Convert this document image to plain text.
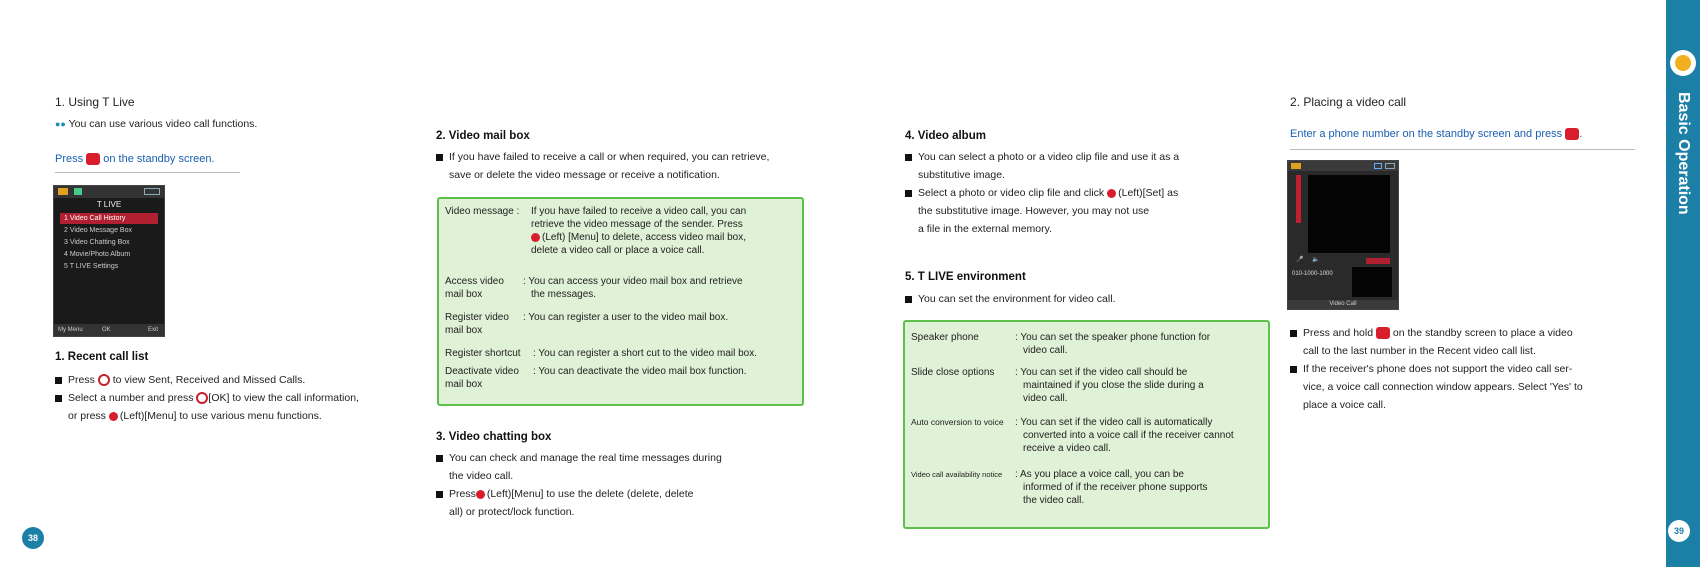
1. Using T Live
●● You can use various video call functions.
Press on the standby screen.
T LIVE
1 Video Call History
2 Video Message Box
3 Video Chatting Box
4 Movie/Photo Album
5 T LIVE Settings
My Menu	OK	Exit
1. Recent call list
Press to view Sent, Received and Missed Calls.
Select a number and press [OK] to view the call information,
or press (Left)[Menu] to use various menu functions.
38
2. Video mail box
If you have failed to receive a call or when required, you can retrieve,
save or delete the video message or receive a notification.
Video message :	If you have failed to receive a video call, you can
retrieve the video message of the sender. Press
(Left) [Menu] to delete, access video mail box,
delete a video call or place a voice call.
Access video
mail box
: You can access your video mail box and retrieve
the messages.
Register video
mail box
: You can register a user to the video mail box.
Register shortcut	: You can register a short cut to the video mail box.
Deactivate video
mail box
: You can deactivate the video mail box function.
3. Video chatting box
You can check and manage the real time messages during
the video call.
Press (Left)[Menu] to use the delete (delete, delete
all) or protect/lock function.
4. Video album
You can select a photo or a video clip file and use it as a
substitutive image.
Select a photo or video clip file and click (Left)[Set] as
the substitutive image. However, you may not use
a file in the external memory.
5. T LIVE environment
You can set the environment for video call.
Speaker phone	: You can set the speaker phone function for
video call.
Slide close options	: You can set if the video call should be
maintained if you close the slide during a
video call.
Auto conversion to voice	: You can set if the video call is automatically
converted into a voice call if the receiver cannot
receive a video call.
Video call availability notice	: As you place a voice call, you can be
informed of if the receiver phone supports
the video call.
2. Placing a video call
Enter a phone number on the standby screen and press .
🎤 🔈
010-1000-1000
Video Call
Press and hold on the standby screen to place a video
call to the last number in the Recent video call list.
If the receiver's phone does not support the video call ser-
vice, a voice call connection window appears. Select 'Yes' to
place a voice call.
Basic Operation
39
